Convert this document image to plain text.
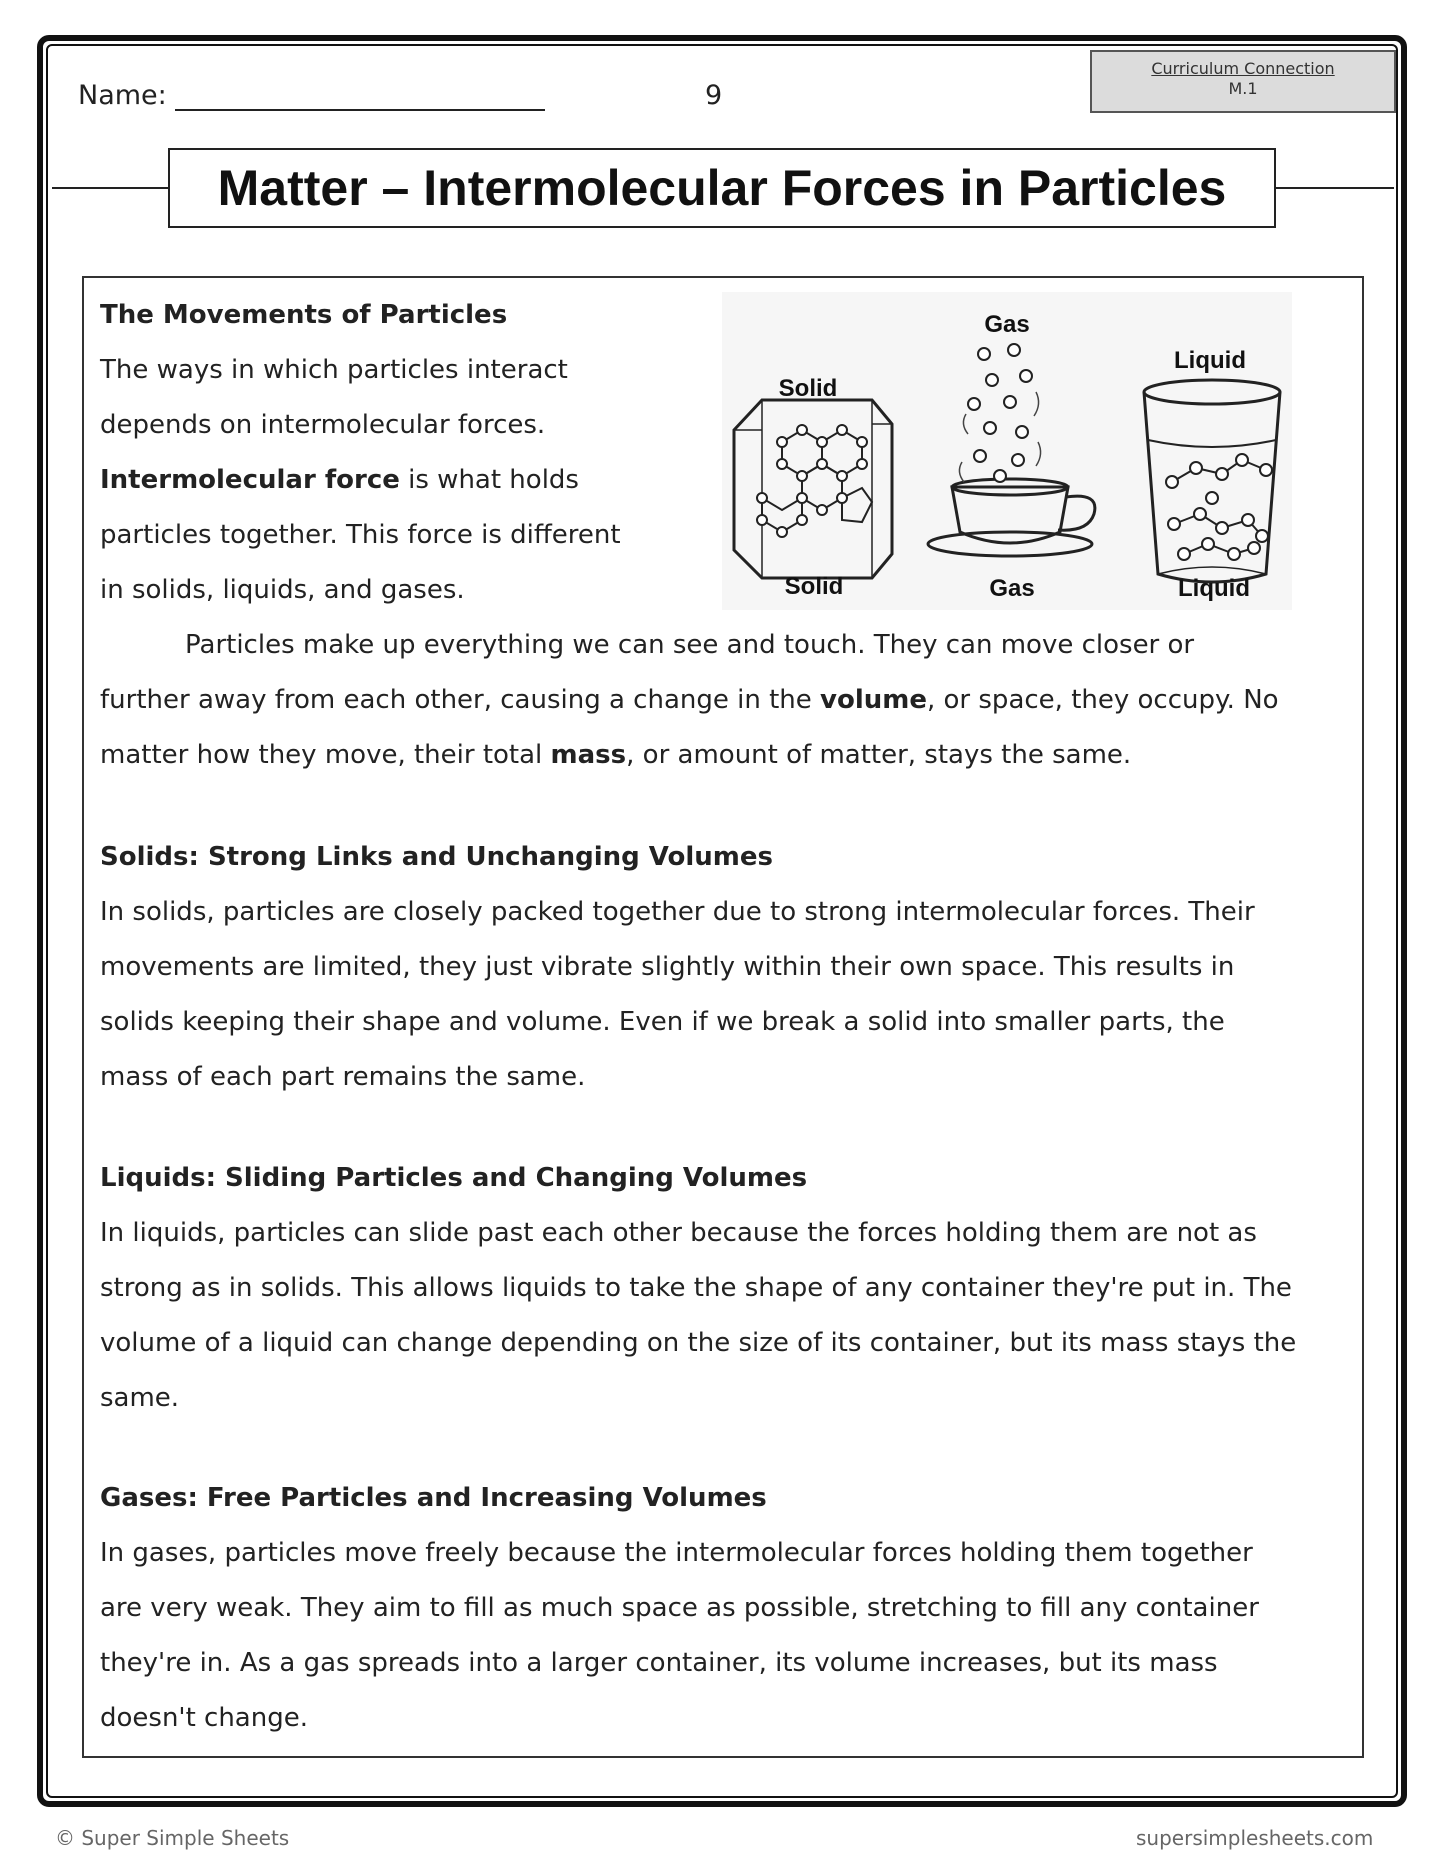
Name:	9
Curriculum Connection
M.1
Matter – Intermolecular Forces in Particles
Gas
Liquid
Solid
Solid	Gas	Liquid
The Movements of Particles
The ways in which particles interact
depends on intermolecular forces.
Intermolecular force is what holds
particles together. This force is different
in solids, liquids, and gases.
Particles make up everything we can see and touch. They can move closer or
further away from each other, causing a change in the volume, or space, they occupy. No
matter how they move, their total mass, or amount of matter, stays the same.
Solids: Strong Links and Unchanging Volumes
In solids, particles are closely packed together due to strong intermolecular forces. Their
movements are limited, they just vibrate slightly within their own space. This results in
solids keeping their shape and volume. Even if we break a solid into smaller parts, the
mass of each part remains the same.
Liquids: Sliding Particles and Changing Volumes
In liquids, particles can slide past each other because the forces holding them are not as
strong as in solids. This allows liquids to take the shape of any container they're put in. The
volume of a liquid can change depending on the size of its container, but its mass stays the
same.
Gases: Free Particles and Increasing Volumes
In gases, particles move freely because the intermolecular forces holding them together
are very weak. They aim to fill as much space as possible, stretching to fill any container
they're in. As a gas spreads into a larger container, its volume increases, but its mass
doesn't change.
© Super Simple Sheets	supersimplesheets.com
